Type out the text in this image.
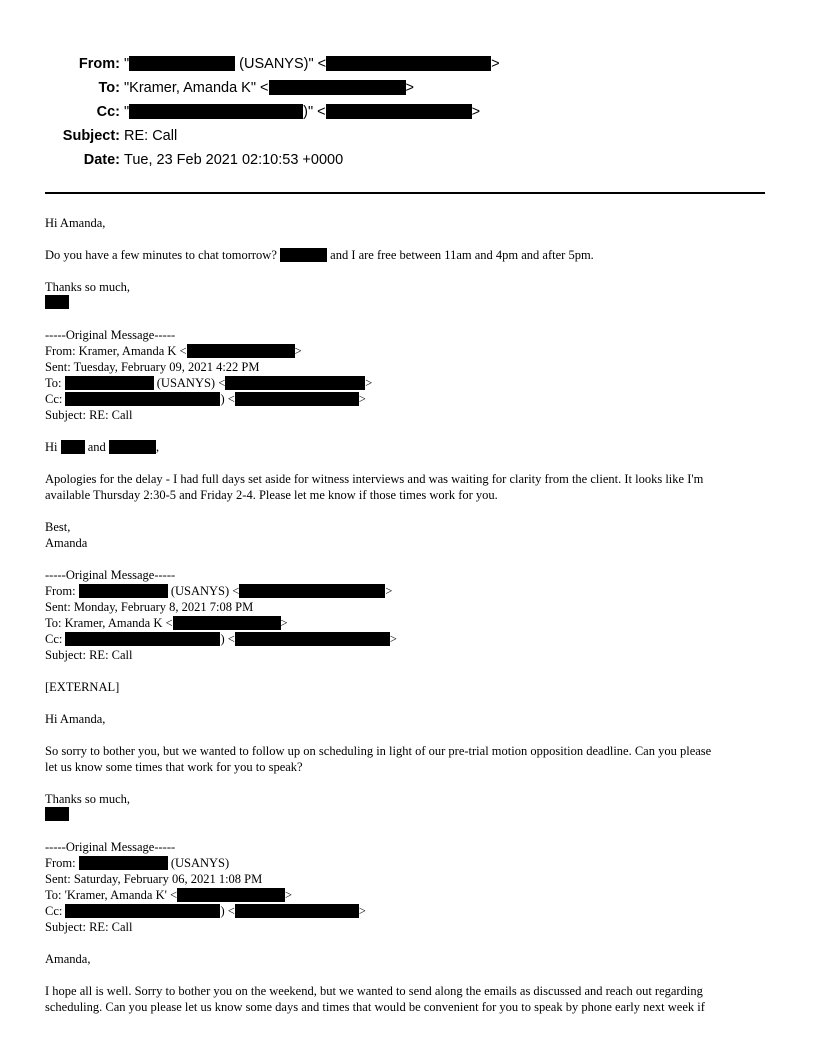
From: "	(USANYS)" <	>
To: "Kramer, Amanda K" <	>
Cc: "	)" <	>
Subject: RE: Call
Date: Tue, 23 Feb 2021 02:10:53 +0000
Hi Amanda,
Do you have a few minutes to chat tomorrow?	and I are free between 11am and 4pm and after 5pm.
Thanks so much,
-----Original Message-----
From: Kramer, Amanda K <	>
Sent: Tuesday, February 09, 2021 4:22 PM
To:	(USANYS) <	>
Cc:	) <	>
Subject: RE: Call
Hi  and	,
Apologies for the delay - I had full days set aside for witness interviews and was waiting for clarity from the client. It looks like I'm
available Thursday 2:30-5 and Friday 2-4. Please let me know if those times work for you.
Best,
Amanda
-----Original Message-----
From:	(USANYS) <	>
Sent: Monday, February 8, 2021 7:08 PM
To: Kramer, Amanda K <	>
Cc:	) <	>
Subject: RE: Call
[EXTERNAL]
Hi Amanda,
So sorry to bother you, but we wanted to follow up on scheduling in light of our pre-trial motion opposition deadline. Can you please
let us know some times that work for you to speak?
Thanks so much,
-----Original Message-----
From:	(USANYS)
Sent: Saturday, February 06, 2021 1:08 PM
To: 'Kramer, Amanda K' <	>
Cc:	) <	>
Subject: RE: Call
Amanda,
I hope all is well. Sorry to bother you on the weekend, but we wanted to send along the emails as discussed and reach out regarding
scheduling. Can you please let us know some days and times that would be convenient for you to speak by phone early next week if
